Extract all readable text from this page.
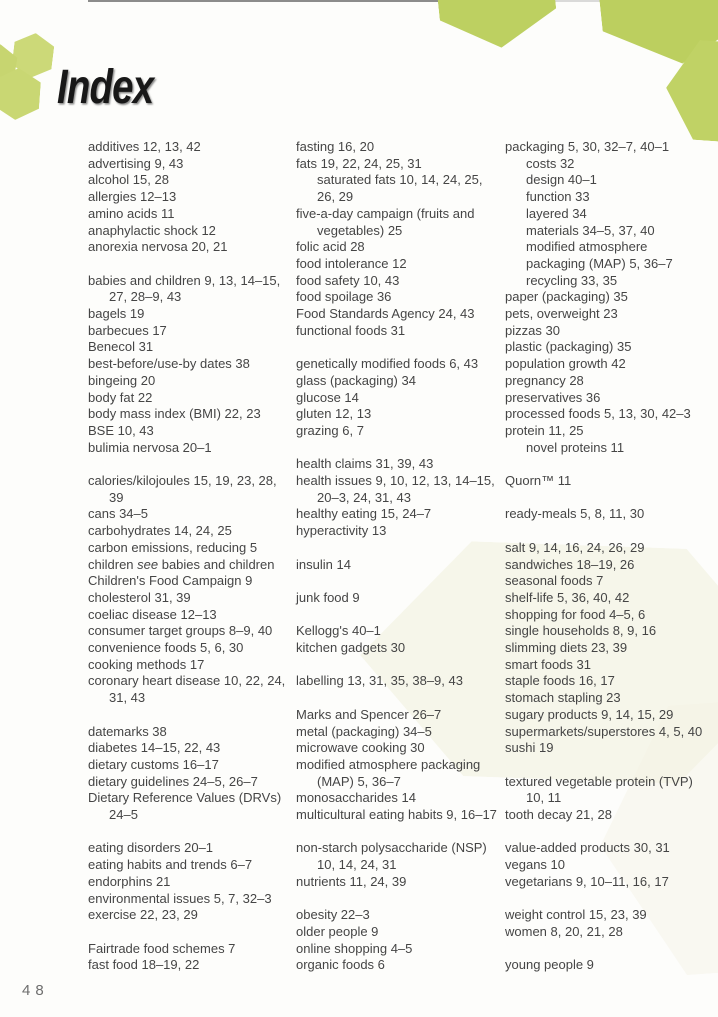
Index
additives 12, 13, 42
advertising 9, 43
alcohol 15, 28
allergies 12–13
amino acids 11
anaphylactic shock 12
anorexia nervosa 20, 21
babies and children 9, 13, 14–15,
27, 28–9, 43
bagels 19
barbecues 17
Benecol 31
best-before/use-by dates 38
bingeing 20
body fat 22
body mass index (BMI) 22, 23
BSE 10, 43
bulimia nervosa 20–1
calories/kilojoules 15, 19, 23, 28,
39
cans 34–5
carbohydrates 14, 24, 25
carbon emissions, reducing 5
children see babies and children
Children's Food Campaign 9
cholesterol 31, 39
coeliac disease 12–13
consumer target groups 8–9, 40
convenience foods 5, 6, 30
cooking methods 17
coronary heart disease 10, 22, 24,
31, 43
datemarks 38
diabetes 14–15, 22, 43
dietary customs 16–17
dietary guidelines 24–5, 26–7
Dietary Reference Values (DRVs)
24–5
eating disorders 20–1
eating habits and trends 6–7
endorphins 21
environmental issues 5, 7, 32–3
exercise 22, 23, 29
Fairtrade food schemes 7
fast food 18–19, 22
fasting 16, 20
fats 19, 22, 24, 25, 31
saturated fats 10, 14, 24, 25,
26, 29
five-a-day campaign (fruits and
vegetables) 25
folic acid 28
food intolerance 12
food safety 10, 43
food spoilage 36
Food Standards Agency 24, 43
functional foods 31
genetically modified foods 6, 43
glass (packaging) 34
glucose 14
gluten 12, 13
grazing 6, 7
health claims 31, 39, 43
health issues 9, 10, 12, 13, 14–15,
20–3, 24, 31, 43
healthy eating 15, 24–7
hyperactivity 13
insulin 14
junk food 9
Kellogg's 40–1
kitchen gadgets 30
labelling 13, 31, 35, 38–9, 43
Marks and Spencer 26–7
metal (packaging) 34–5
microwave cooking 30
modified atmosphere packaging
(MAP) 5, 36–7
monosaccharides 14
multicultural eating habits 9, 16–17
non-starch polysaccharide (NSP)
10, 14, 24, 31
nutrients 11, 24, 39
obesity 22–3
older people 9
online shopping 4–5
organic foods 6
packaging 5, 30, 32–7, 40–1
costs 32
design 40–1
function 33
layered 34
materials 34–5, 37, 40
modified atmosphere
packaging (MAP) 5, 36–7
recycling 33, 35
paper (packaging) 35
pets, overweight 23
pizzas 30
plastic (packaging) 35
population growth 42
pregnancy 28
preservatives 36
processed foods 5, 13, 30, 42–3
protein 11, 25
novel proteins 11
Quorn™ 11
ready-meals 5, 8, 11, 30
salt 9, 14, 16, 24, 26, 29
sandwiches 18–19, 26
seasonal foods 7
shelf-life 5, 36, 40, 42
shopping for food 4–5, 6
single households 8, 9, 16
slimming diets 23, 39
smart foods 31
staple foods 16, 17
stomach stapling 23
sugary products 9, 14, 15, 29
supermarkets/superstores 4, 5, 40
sushi 19
textured vegetable protein (TVP)
10, 11
tooth decay 21, 28
value-added products 30, 31
vegans 10
vegetarians 9, 10–11, 16, 17
weight control 15, 23, 39
women 8, 20, 21, 28
young people 9
48
